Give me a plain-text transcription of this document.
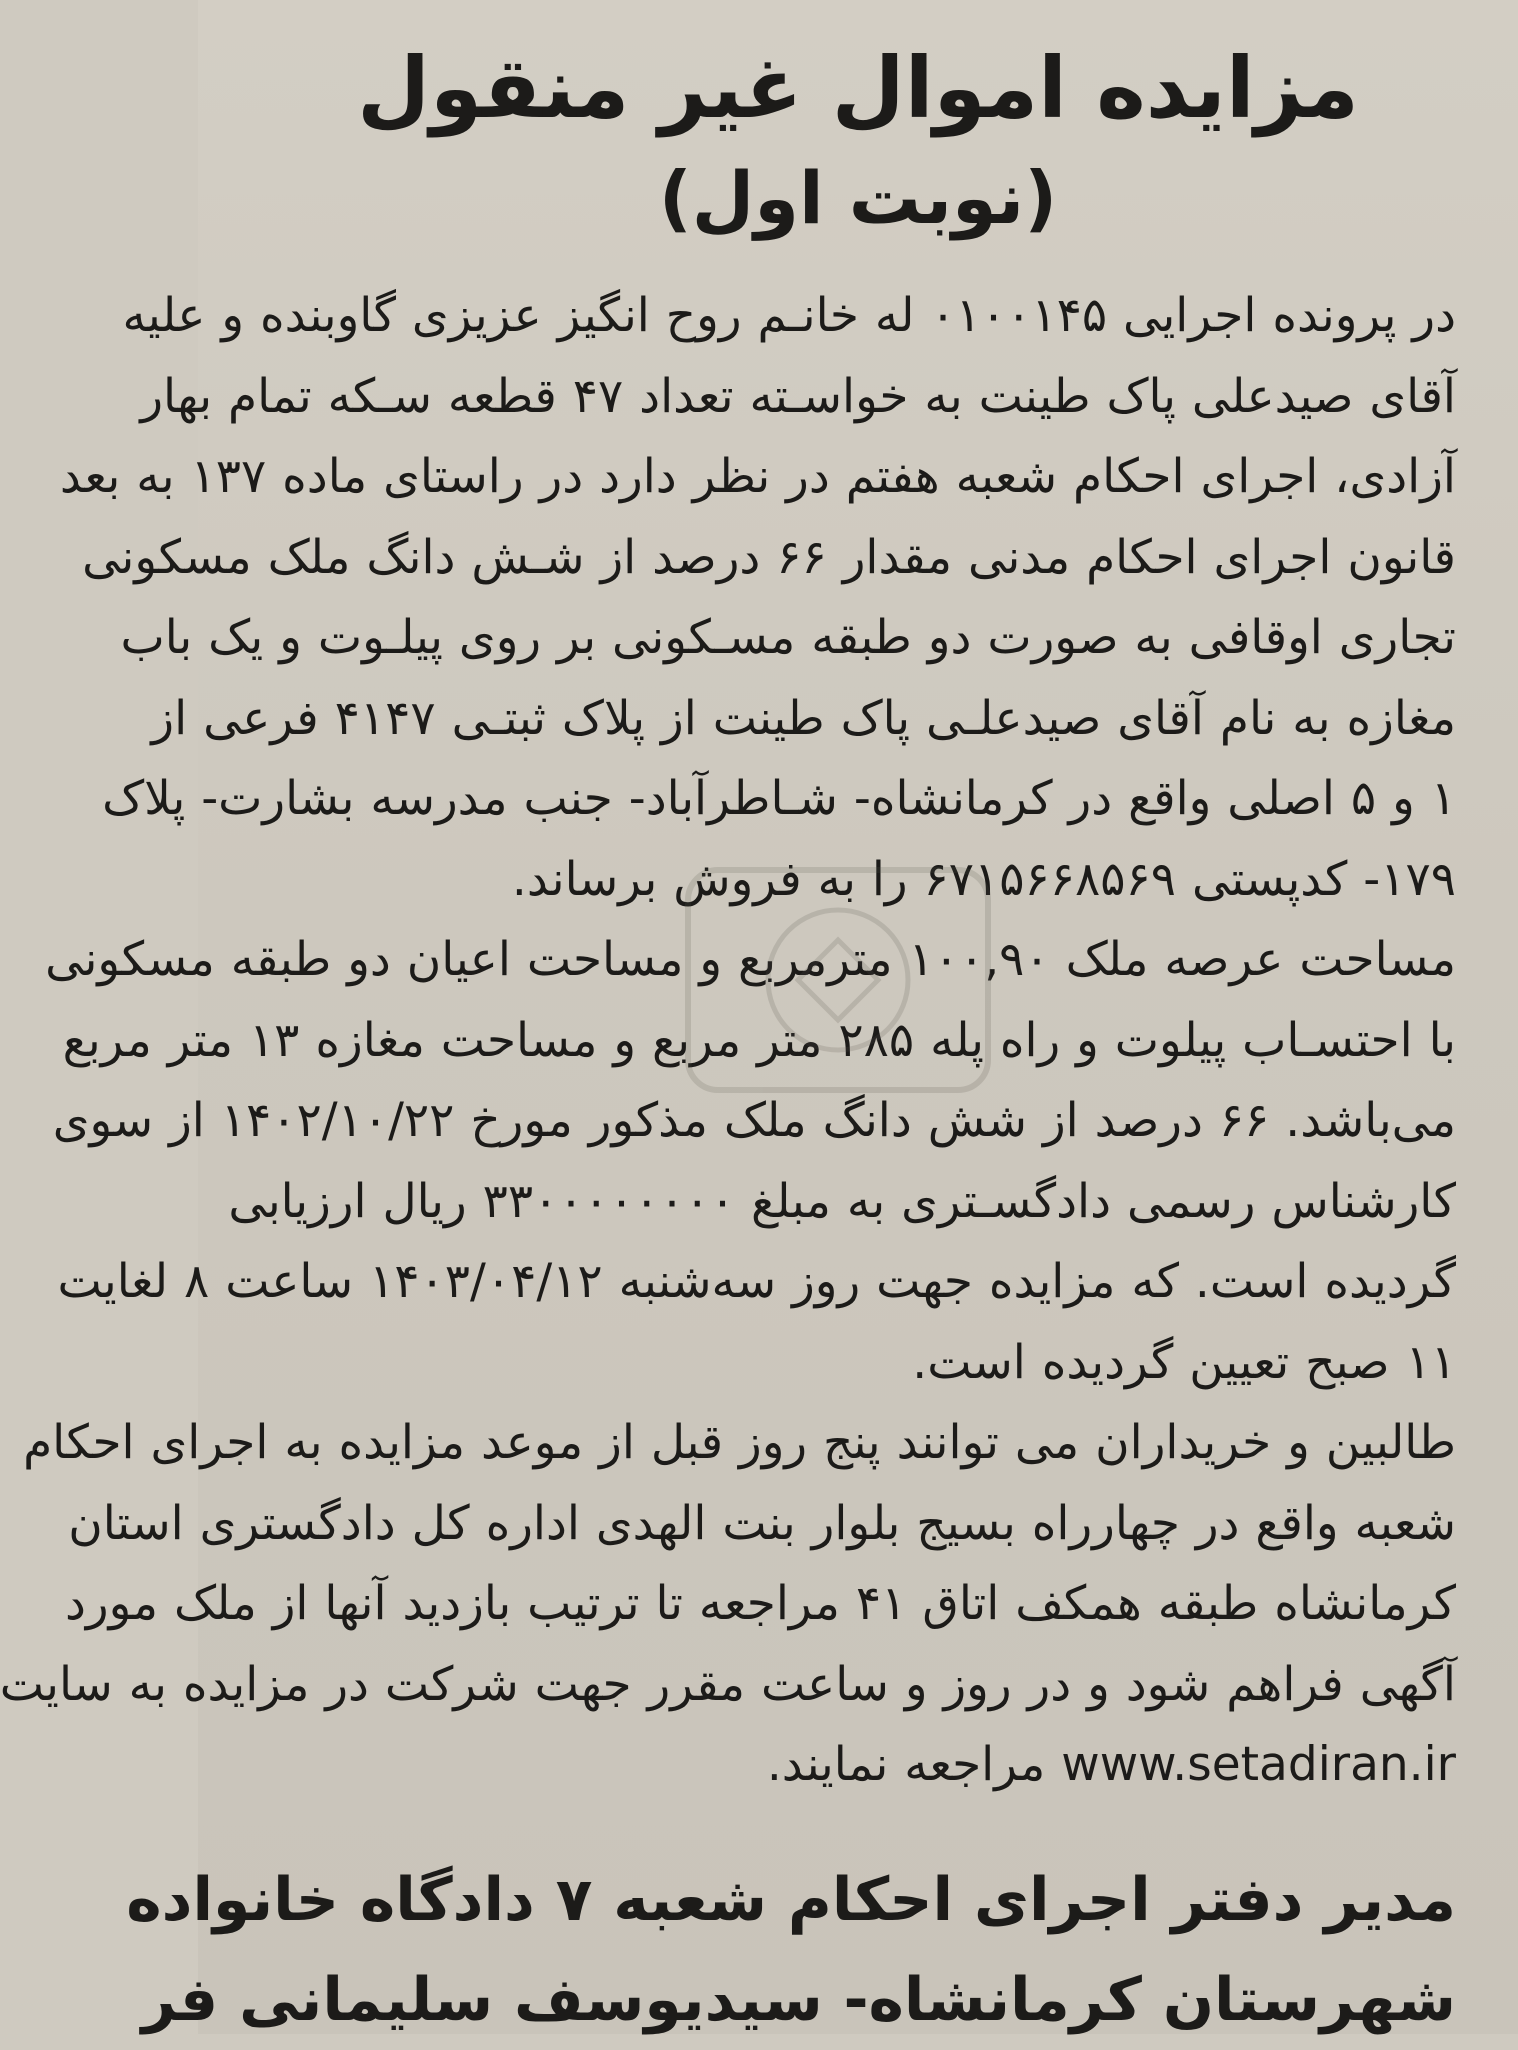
مزایده اموال غیر منقول
(نوبت اول)
در پرونده اجرایی ۰۱۰۰۱۴۵ له خانـم روح انگیز عزیزی گاوبنده و علیه
آقای صیدعلی پاک طینت به خواسـته تعداد ۴۷ قطعه سـکه تمام بهار
آزادی، اجرای احکام شعبه هفتم در نظر دارد در راستای ماده ۱۳۷ به بعد
قانون اجرای احکام مدنی مقدار ۶۶ درصد از شـش دانگ ملک مسکونی
تجاری اوقافی به صورت دو طبقه مسـکونی بر روی پیلـوت و یک باب
مغازه به نام آقای صیدعلـی پاک طینت از پلاک ثبتـی ۴۱۴۷ فرعی از
۱ و ۵ اصلی واقع در کرمانشاه- شـاطرآباد- جنب مدرسه بشارت- پلاک
۱۷۹- کدپستی ۶۷۱۵۶۶۸۵۶۹ را به فروش برساند.
مساحت عرصه ملک ۱۰۰,۹۰ مترمربع و مساحت اعیان دو طبقه مسکونی
با احتسـاب پیلوت و راه پله ۲۸۵ متر مربع و مساحت مغازه ۱۳ متر مربع
می‌باشد. ۶۶ درصد از شش دانگ ملک مذکور مورخ ۱۴۰۲/۱۰/۲۲ از سوی
کارشناس رسمی دادگسـتری به مبلغ ۳۳۰۰۰۰۰۰۰۰ ریال ارزیابی
گردیده است. که مزایده جهت روز سه‌شنبه ۱۴۰۳/۰۴/۱۲ ساعت ۸ لغایت
۱۱ صبح تعیین گردیده است.
طالبین و خریداران می توانند پنج روز قبل از موعد مزایده به اجرای احکام
شعبه واقع در چهارراه بسیج بلوار بنت الهدی اداره کل دادگستری استان
کرمانشاه طبقه همکف اتاق ۴۱ مراجعه تا ترتیب بازدید آنها از ملک مورد
آگهی فراهم شود و در روز و ساعت مقرر جهت شرکت در مزایده به سایت
www.setadiran.ir مراجعه نمایند.
مدیر دفتر اجرای احکام شعبه ۷ دادگاه خانواده
شهرستان کرمانشاه- سیدیوسف سلیمانی فر
